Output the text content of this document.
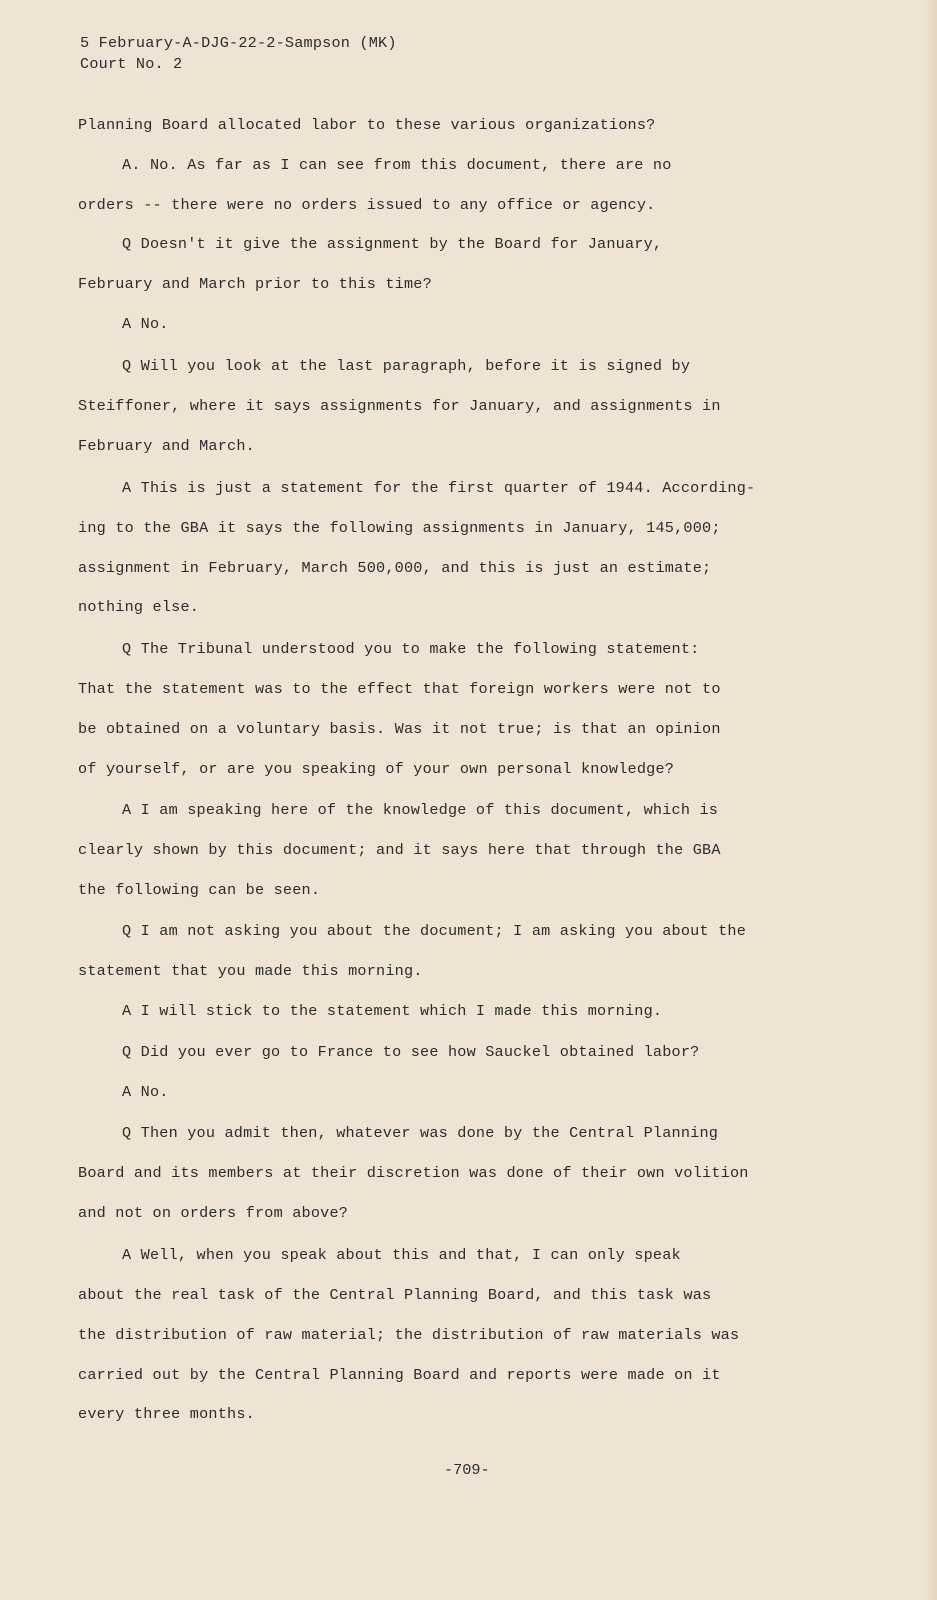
5 February-A-DJG-22-2-Sampson (MK)

Court No. 2

Planning Board allocated labor to these various organizations?

A. No. As far as I can see from this document, there are no

orders -- there were no orders issued to any office or agency.

Q Doesn't it give the assignment by the Board for January,

February and March prior to this time?

A No.

Q Will you look at the last paragraph, before it is signed by

Steiffoner, where it says assignments for January, and assignments in

February and March.

A This is just a statement for the first quarter of 1944. According-

ing to the GBA it says the following assignments in January, 145,000;

assignment in February, March 500,000, and this is just an estimate;

nothing else.

Q The Tribunal understood you to make the following statement:

That the statement was to the effect that foreign workers were not to

be obtained on a voluntary basis. Was it not true; is that an opinion

of yourself, or are you speaking of your own personal knowledge?

A I am speaking here of the knowledge of this document, which is

clearly shown by this document; and it says here that through the GBA

the following can be seen.

Q I am not asking you about the document; I am asking you about the

statement that you made this morning.

A I will stick to the statement which I made this morning.

Q Did you ever go to France to see how Sauckel obtained labor?

A No.

Q Then you admit then, whatever was done by the Central Planning

Board and its members at their discretion was done of their own volition

and not on orders from above?

A Well, when you speak about this and that, I can only speak

about the real task of the Central Planning Board, and this task was

the distribution of raw material; the distribution of raw materials was

carried out by the Central Planning Board and reports were made on it

every three months.

-709-
